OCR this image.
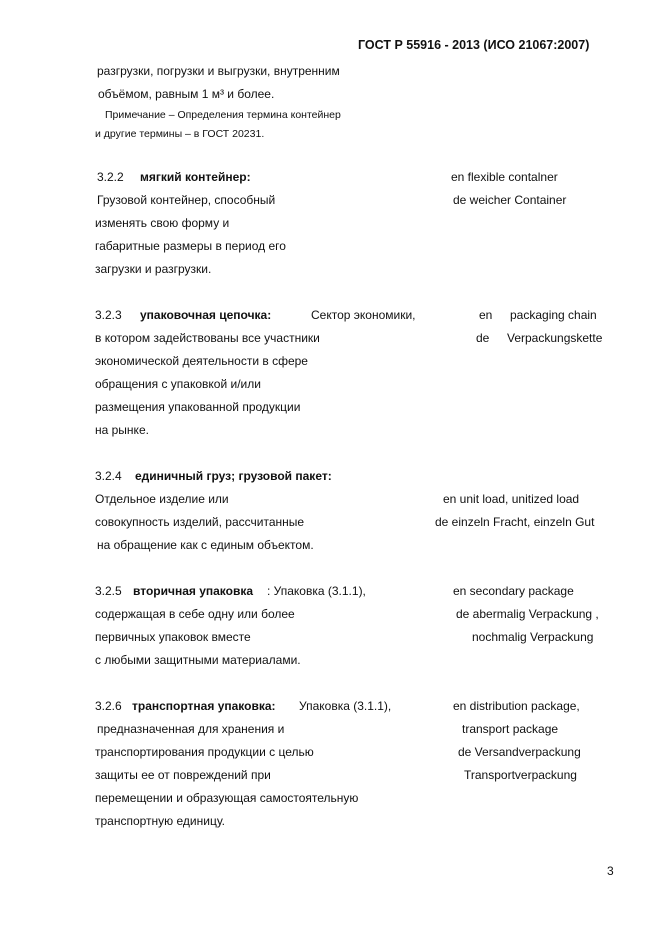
ГОСТ Р 55916 - 2013 (ИСО 21067:2007)
разгрузки, погрузки и выгрузки, внутренним
объёмом, равным 1 м³ и более.
Примечание – Определения термина контейнер
и другие термины – в ГОСТ 20231.
3.2.2 мягкий контейнер:	en flexible contalner
Грузовой контейнер, способный	de weicher Container
изменять свою форму и
габаритные размеры в период его
загрузки и разгрузки.
3.2.3 упаковочная цепочка:	Сектор экономики,	en packaging chain
в котором задействованы все участники	de Verpackungskette
экономической деятельности в сфере
обращения с упаковкой и/или
размещения упакованной продукции
на рынке.
3.2.4 единичный груз; грузовой пакет:
Отдельное изделие или	en unit load, unitized load
совокупность изделий, рассчитанные	de einzeln Fracht, einzeln Gut
на обращение как с единым объектом.
3.2.5 вторичная упаковка : Упаковка (3.1.1),	en secondary package
содержащая в себе одну или более	de abermalig Verpackung ,
первичных упаковок вместе	nochmalig Verpackung
с любыми защитными материалами.
3.2.6 транспортная упаковка: Упаковка (3.1.1),	en distribution package,
предназначенная для хранения и	transport package
транспортирования продукции с целью	de Versandverpackung
защиты ее от повреждений при	Transportverpackung
перемещении и образующая самостоятельную
транспортную единицу.
3
